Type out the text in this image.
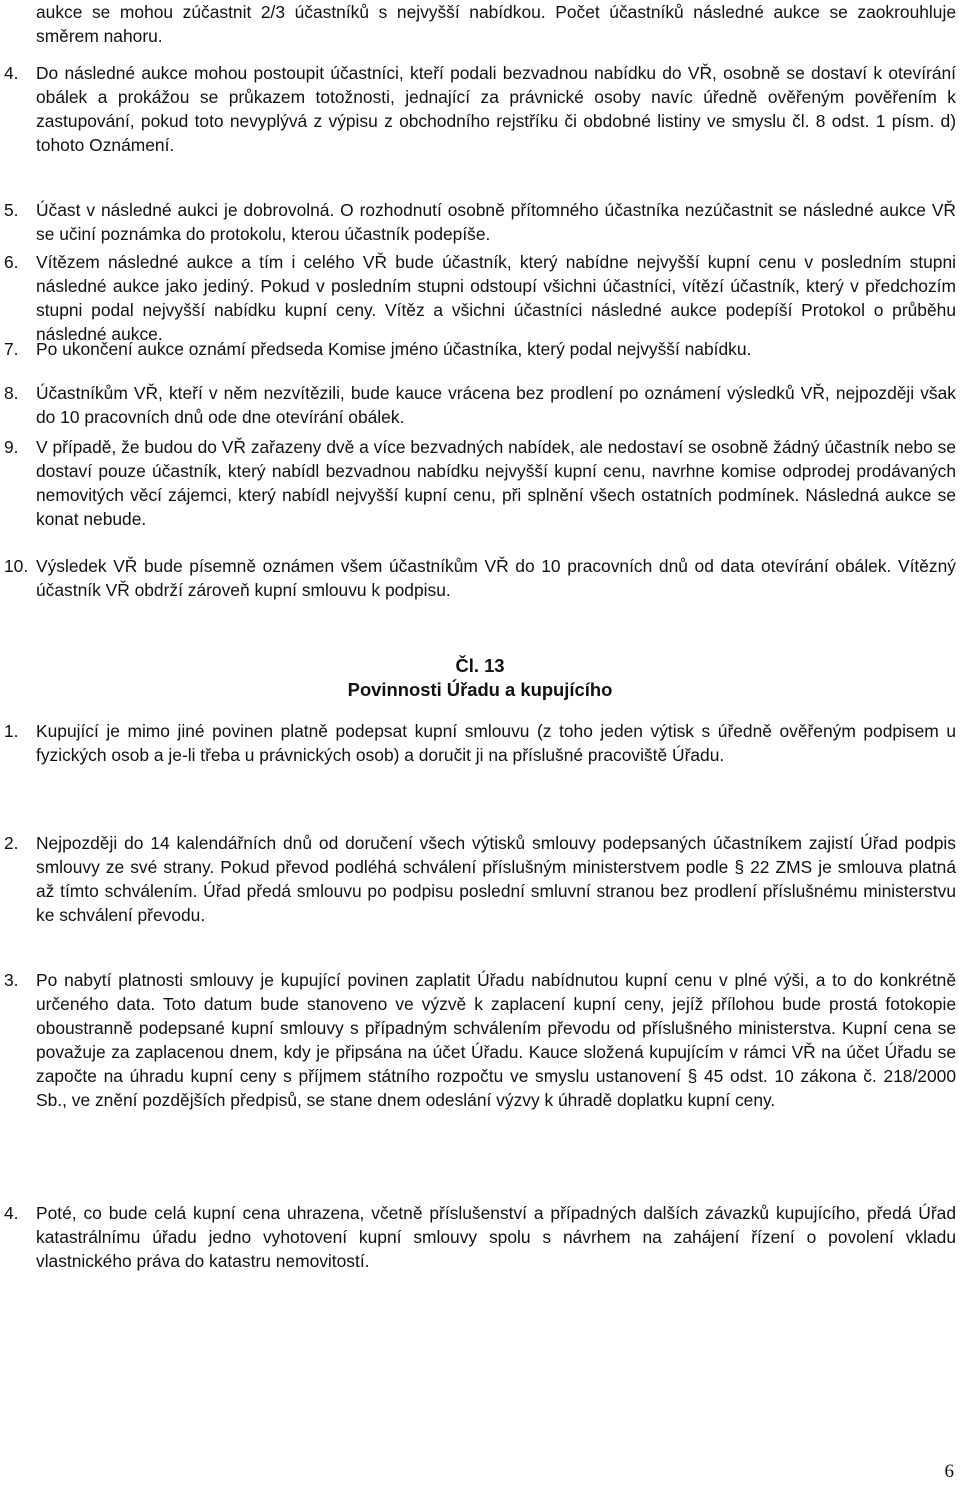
aukce se mohou zúčastnit 2/3 účastníků s nejvyšší nabídkou. Počet účastníků následné aukce se zaokrouhluje směrem nahoru.

4. Do následné aukce mohou postoupit účastníci, kteří podali bezvadnou nabídku do VŘ, osobně se dostaví k otevírání obálek a prokážou se průkazem totožnosti, jednající za právnické osoby navíc úředně ověřeným pověřením k zastupování, pokud toto nevyplývá z výpisu z obchodního rejstříku či obdobné listiny ve smyslu čl. 8 odst. 1 písm. d) tohoto Oznámení.

5. Účast v následné aukci je dobrovolná. O rozhodnutí osobně přítomného účastníka nezúčastnit se následné aukce VŘ se učiní poznámka do protokolu, kterou účastník podepíše.

6. Vítězem následné aukce a tím i celého VŘ bude účastník, který nabídne nejvyšší kupní cenu v posledním stupni následné aukce jako jediný. Pokud v posledním stupni odstoupí všichni účastníci, vítězí účastník, který v předchozím stupni podal nejvyšší nabídku kupní ceny. Vítěz a všichni účastníci následné aukce podepíší Protokol o průběhu následné aukce.

7. Po ukončení aukce oznámí předseda Komise jméno účastníka, který podal nejvyšší nabídku.

8. Účastníkům VŘ, kteří v něm nezvítězili, bude kauce vrácena bez prodlení po oznámení výsledků VŘ, nejpozději však do 10 pracovních dnů ode dne otevírání obálek.

9. V případě, že budou do VŘ zařazeny dvě a více bezvadných nabídek, ale nedostaví se osobně žádný účastník nebo se dostaví pouze účastník, který nabídl bezvadnou nabídku nejvyšší kupní cenu, navrhne komise odprodej prodávaných nemovitých věcí zájemci, který nabídl nejvyšší kupní cenu, při splnění všech ostatních podmínek. Následná aukce se konat nebude.

10. Výsledek VŘ bude písemně oznámen všem účastníkům VŘ do 10 pracovních dnů od data otevírání obálek. Vítězný účastník VŘ obdrží zároveň kupní smlouvu k podpisu.

Čl. 13
Povinnosti Úřadu a kupujícího
1. Kupující je mimo jiné povinen platně podepsat kupní smlouvu (z toho jeden výtisk s úředně ověřeným podpisem u fyzických osob a je-li třeba u právnických osob) a doručit ji na příslušné pracoviště Úřadu.

2. Nejpozději do 14 kalendářních dnů od doručení všech výtisků smlouvy podepsaných účastníkem zajistí Úřad podpis smlouvy ze své strany. Pokud převod podléhá schválení příslušným ministerstvem podle § 22 ZMS je smlouva platná až tímto schválením. Úřad předá smlouvu po podpisu poslední smluvní stranou bez prodlení příslušnému ministerstvu ke schválení převodu.

3. Po nabytí platnosti smlouvy je kupující povinen zaplatit Úřadu nabídnutou kupní cenu v plné výši, a to do konkrétně určeného data. Toto datum bude stanoveno ve výzvě k zaplacení kupní ceny, jejíž přílohou bude prostá fotokopie oboustranně podepsané kupní smlouvy s případným schválením převodu od příslušného ministerstva. Kupní cena se považuje za zaplacenou dnem, kdy je připsána na účet Úřadu. Kauce složená kupujícím v rámci VŘ na účet Úřadu se započte na úhradu kupní ceny s příjmem státního rozpočtu ve smyslu ustanovení § 45 odst. 10 zákona č. 218/2000 Sb., ve znění pozdějších předpisů, se stane dnem odeslání výzvy k úhradě doplatku kupní ceny.

4. Poté, co bude celá kupní cena uhrazena, včetně příslušenství a případných dalších závazků kupujícího, předá Úřad katastrálnímu úřadu jedno vyhotovení kupní smlouvy spolu s návrhem na zahájení řízení o povolení vkladu vlastnického práva do katastru nemovitostí.

6
